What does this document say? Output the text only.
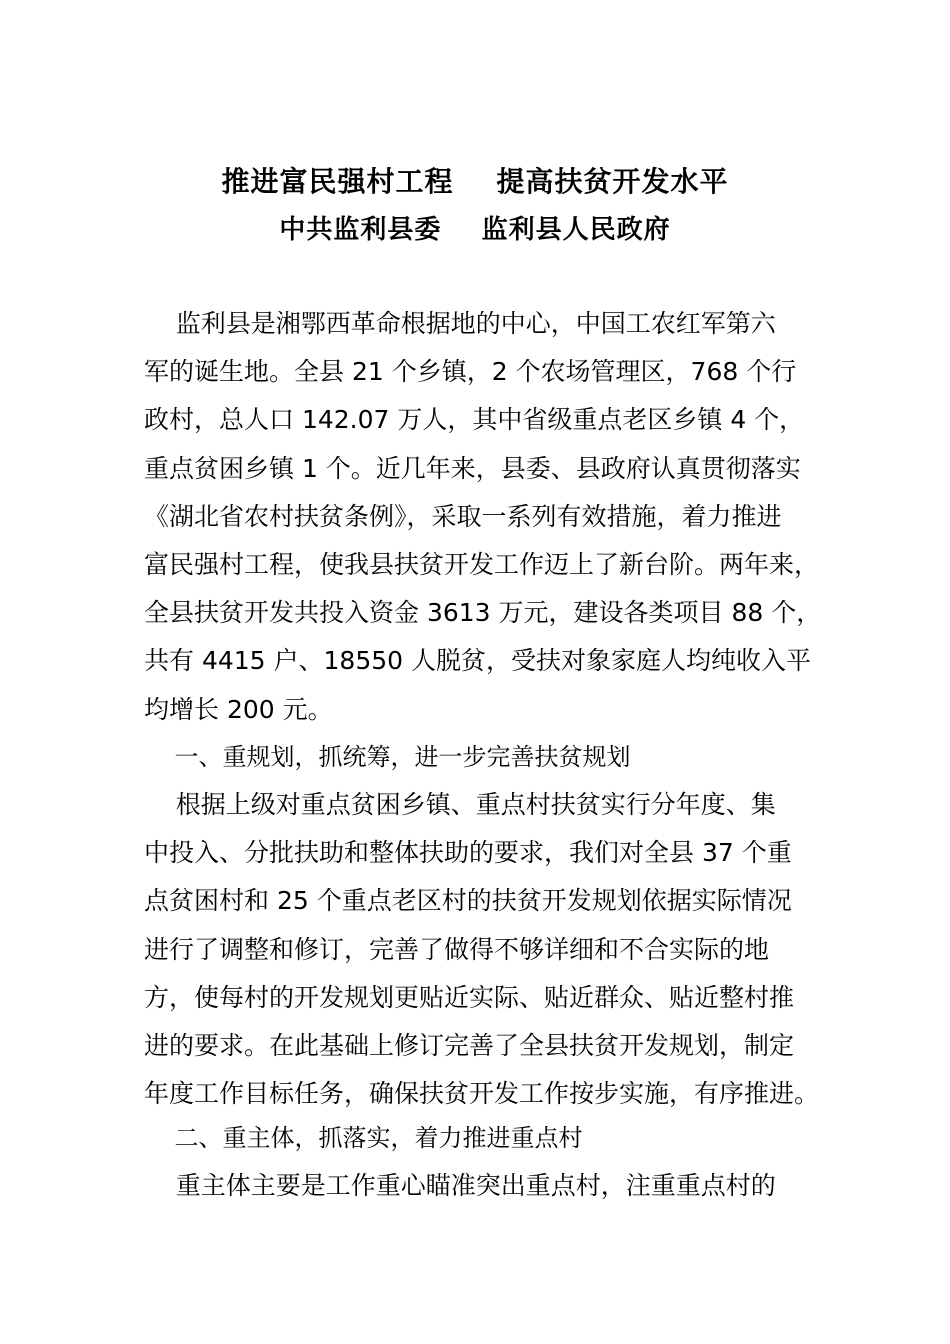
推进富民强村工程    提高扶贫开发水平
中共监利县委    监利县人民政府
监利县是湘鄂西革命根据地的中心，中国工农红军第六
军的诞生地。全县 21 个乡镇，2 个农场管理区，768 个行
政村，总人口 142.07 万人，其中省级重点老区乡镇 4 个，
重点贫困乡镇 1 个。近几年来，县委、县政府认真贯彻落实
《湖北省农村扶贫条例》，采取一系列有效措施，着力推进
富民强村工程，使我县扶贫开发工作迈上了新台阶。两年来，
全县扶贫开发共投入资金 3613 万元，建设各类项目 88 个，
共有 4415 户、18550 人脱贫，受扶对象家庭人均纯收入平
均增长 200 元。
一、重规划，抓统筹，进一步完善扶贫规划
根据上级对重点贫困乡镇、重点村扶贫实行分年度、集
中投入、分批扶助和整体扶助的要求，我们对全县 37 个重
点贫困村和 25 个重点老区村的扶贫开发规划依据实际情况
进行了调整和修订，完善了做得不够详细和不合实际的地
方，使每村的开发规划更贴近实际、贴近群众、贴近整村推
进的要求。在此基础上修订完善了全县扶贫开发规划，制定
年度工作目标任务，确保扶贫开发工作按步实施，有序推进。
二、重主体，抓落实，着力推进重点村
重主体主要是工作重心瞄准突出重点村，注重重点村的
